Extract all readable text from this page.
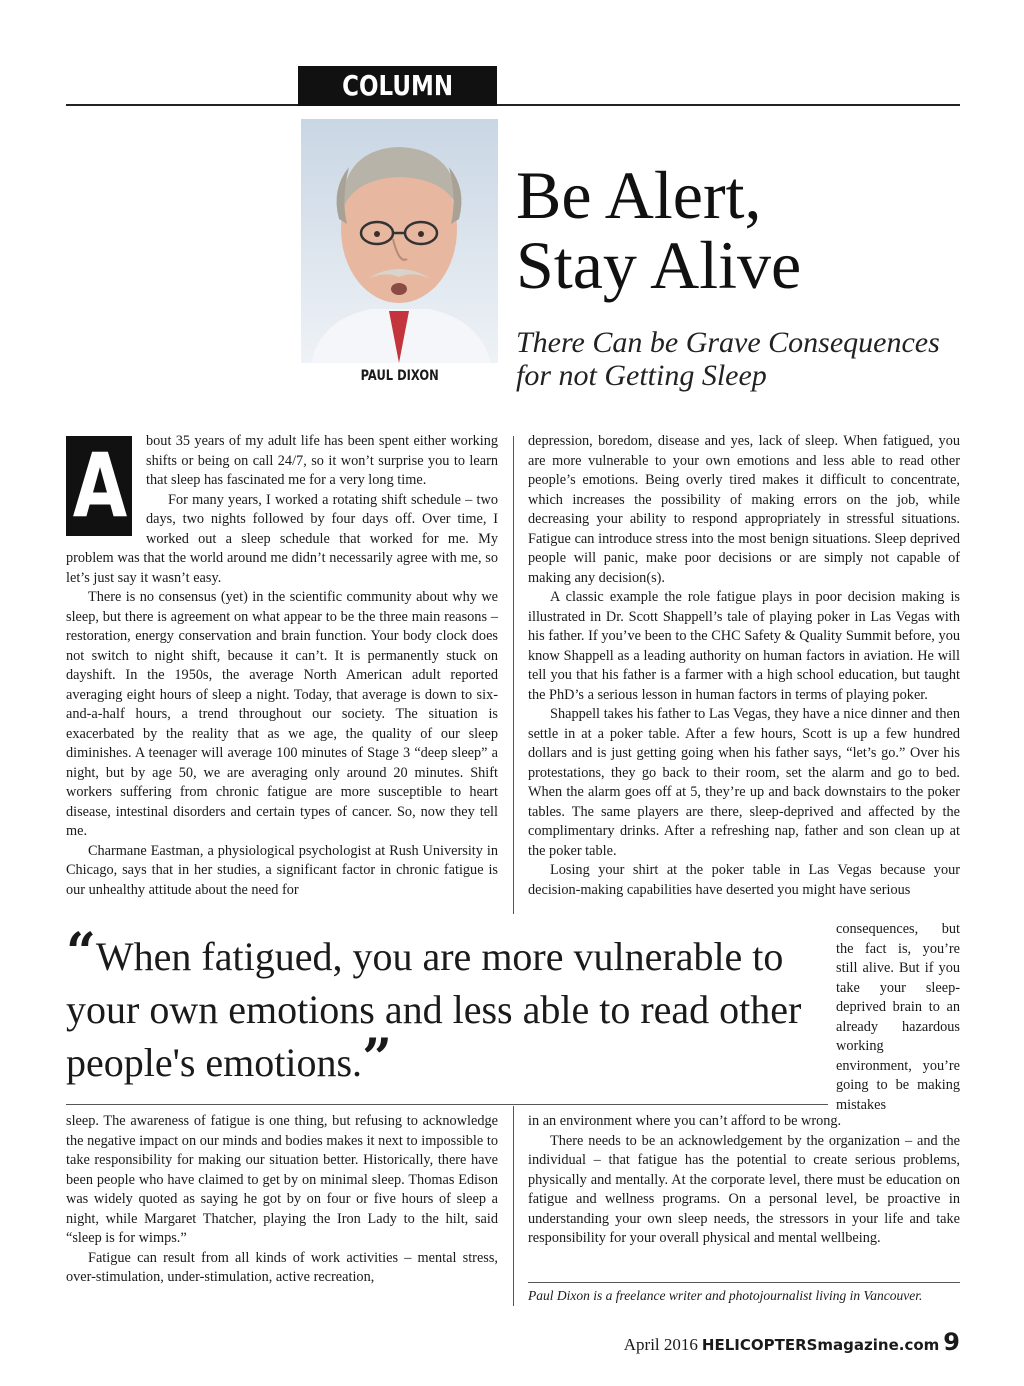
COLUMN
PAUL DIXON
Be Alert,
Stay Alive
There Can be Grave Consequences
for not Getting Sleep
A	bout 35 years of my adult life has been spent either working shifts or being on call 24/7, so it won’t surprise you to learn that sleep has fascinated me for a very long time.

For many years, I worked a rotating shift schedule – two days, two nights followed by four days off. Over time, I worked out a sleep schedule that worked for me. My problem was that the world around me didn’t necessarily agree with me, so let’s just say it wasn’t easy.

There is no consensus (yet) in the scientific community about why we sleep, but there is agreement on what appear to be the three main reasons – restoration, energy conservation and brain function. Your body clock does not switch to night shift, because it can’t. It is permanently stuck on dayshift. In the 1950s, the average North American adult reported averaging eight hours of sleep a night. Today, that average is down to six-and-a-half hours, a trend throughout our society. The situation is exacerbated by the reality that as we age, the quality of our sleep diminishes. A teenager will average 100 minutes of Stage 3 “deep sleep” a night, but by age 50, we are averaging only around 20 minutes. Shift workers suffering from chronic fatigue are more susceptible to heart disease, intestinal disorders and certain types of cancer. So, now they tell me.

Charmane Eastman, a physiological psychologist at Rush University in Chicago, says that in her studies, a significant factor in chronic fatigue is our unhealthy attitude about the need for

depression, boredom, disease and yes, lack of sleep. When fatigued, you are more vulnerable to your own emotions and less able to read other people’s emotions. Being overly tired makes it difficult to concentrate, which increases the possibility of making errors on the job, while decreasing your ability to respond appropriately in stressful situations. Fatigue can introduce stress into the most benign situations. Sleep deprived people will panic, make poor decisions or are simply not capable of making any decision(s).

A classic example the role fatigue plays in poor decision making is illustrated in Dr. Scott Shappell’s tale of playing poker in Las Vegas with his father. If you’ve been to the CHC Safety & Quality Summit before, you know Shappell as a leading authority on human factors in aviation. He will tell you that his father is a farmer with a high school education, but taught the PhD’s a serious lesson in human factors in terms of playing poker.

Shappell takes his father to Las Vegas, they have a nice dinner and then settle in at a poker table. After a few hours, Scott is up a few hundred dollars and is just getting going when his father says, “let’s go.” Over his protestations, they go back to their room, set the alarm and go to bed. When the alarm goes off at 5, they’re up and back downstairs to the poker tables. The same players are there, sleep-deprived and affected by the complimentary drinks. After a refreshing nap, father and son clean up at the poker table.

Losing your shirt at the poker table in Las Vegas because your decision-making capabilities have deserted you might have serious

consequences, but the fact is, you’re still alive. But if you take your sleep-deprived brain to an already hazardous working environment, you’re going to be making mistakes

“When fatigued, you are more vulnerable to your own emotions and less able to read other people's emotions.”

sleep. The awareness of fatigue is one thing, but refusing to acknowledge the negative impact on our minds and bodies makes it next to impossible to take responsibility for making our situation better. Historically, there have been people who have claimed to get by on minimal sleep. Thomas Edison was widely quoted as saying he got by on four or five hours of sleep a night, while Margaret Thatcher, playing the Iron Lady to the hilt, said “sleep is for wimps.”

Fatigue can result from all kinds of work activities – mental stress, over-stimulation, under-stimulation, active recreation,

in an environment where you can’t afford to be wrong.

There needs to be an acknowledgement by the organization – and the individual – that fatigue has the potential to create serious problems, physically and mentally. At the corporate level, there must be education on fatigue and wellness programs. On a personal level, be proactive in understanding your own sleep needs, the stressors in your life and take responsibility for your overall physical and mental wellbeing.

Paul Dixon is a freelance writer and photojournalist living in Vancouver.
April 2016 HELICOPTERSmagazine.com 9
